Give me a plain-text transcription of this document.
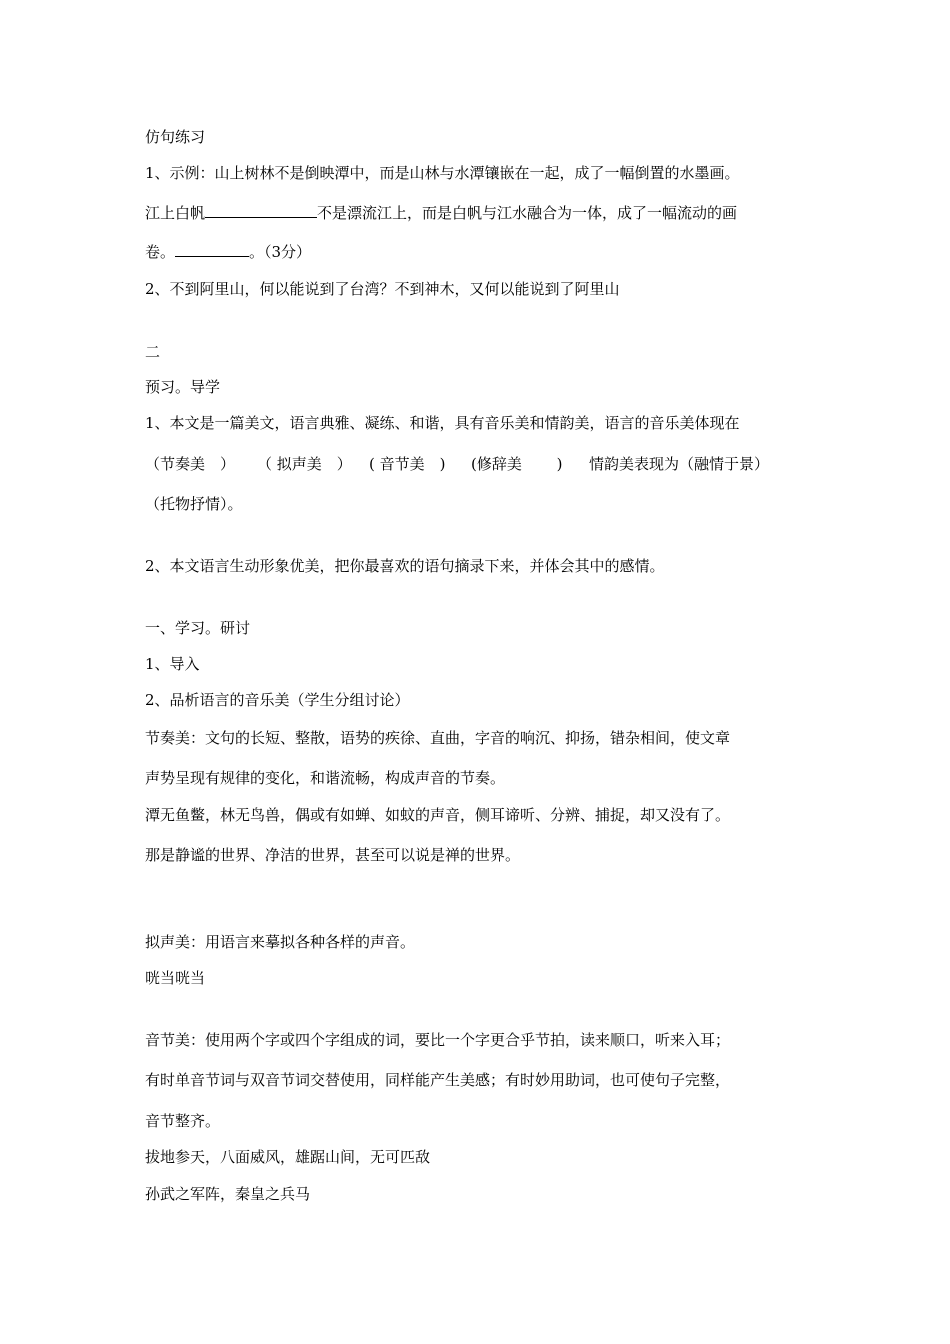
仿句练习
1、示例：山上树林不是倒映潭中，而是山林与水潭镶嵌在一起，成了一幅倒置的水墨画。
江上白帆	不是漂流江上，而是白帆与江水融合为一体，成了一幅流动的画
卷。	。（3分）
2、不到阿里山，何以能说到了台湾？不到神木，又何以能说到了阿里山
二
预习。导学
1、本文是一篇美文，语言典雅、凝练、和谐，具有音乐美和情韵美，语言的音乐美体现在
（节奏美　） （ 拟声美　） ( 音节美　) (修辞美　　 ) 情韵美表现为（融情于景）
（托物抒情）。
2、本文语言生动形象优美，把你最喜欢的语句摘录下来，并体会其中的感情。
一、学习。研讨
1、导入
2、品析语言的音乐美（学生分组讨论）
节奏美：文句的长短、整散，语势的疾徐、直曲，字音的响沉、抑扬，错杂相间，使文章
声势呈现有规律的变化，和谐流畅，构成声音的节奏。
潭无鱼鳖，林无鸟兽，偶或有如蝉、如蚊的声音，侧耳谛听、分辨、捕捉，却又没有了。
那是静谧的世界、净洁的世界，甚至可以说是禅的世界。
拟声美：用语言来摹拟各种各样的声音。
咣当咣当
音节美：使用两个字或四个字组成的词，要比一个字更合乎节拍，读来顺口，听来入耳；
有时单音节词与双音节词交替使用，同样能产生美感；有时妙用助词，也可使句子完整，
音节整齐。
拔地参天，八面威风，雄踞山间，无可匹敌
孙武之军阵，秦皇之兵马
